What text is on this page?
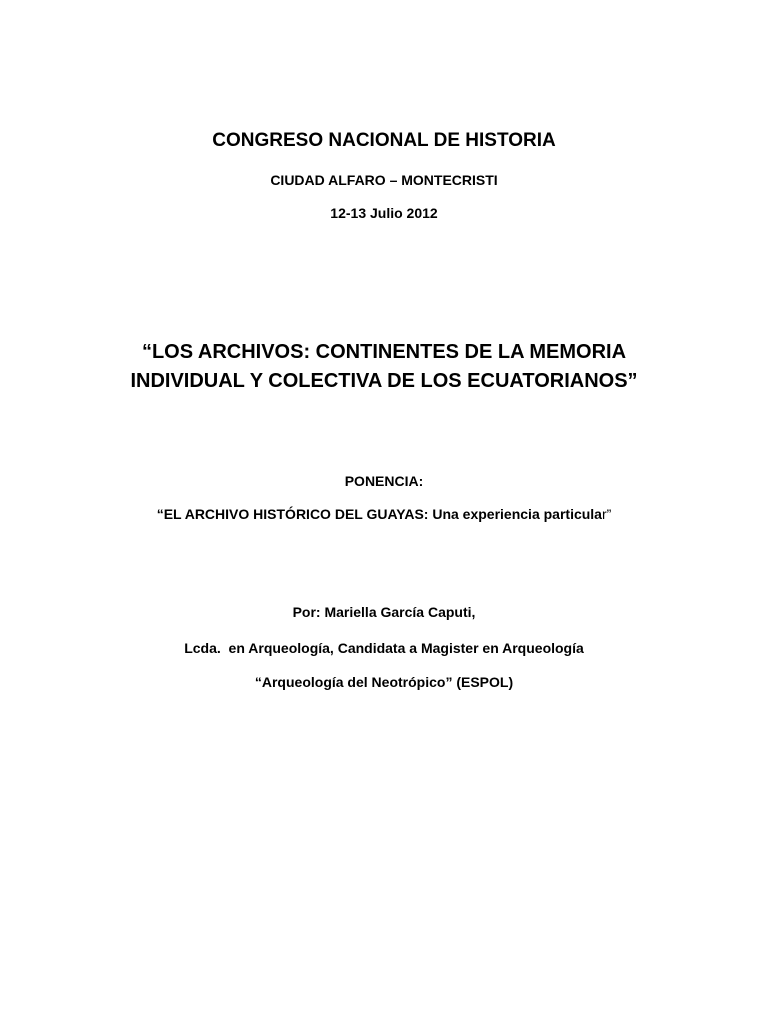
CONGRESO NACIONAL DE HISTORIA
CIUDAD ALFARO – MONTECRISTI
12-13 Julio 2012
“LOS ARCHIVOS: CONTINENTES DE LA MEMORIA
INDIVIDUAL Y COLECTIVA DE LOS ECUATORIANOS”
PONENCIA:
“EL ARCHIVO HISTÓRICO DEL GUAYAS: Una experiencia particular”
Por: Mariella García Caputi,
Lcda.  en Arqueología, Candidata a Magister en Arqueología
“Arqueología del Neotrópico” (ESPOL)
